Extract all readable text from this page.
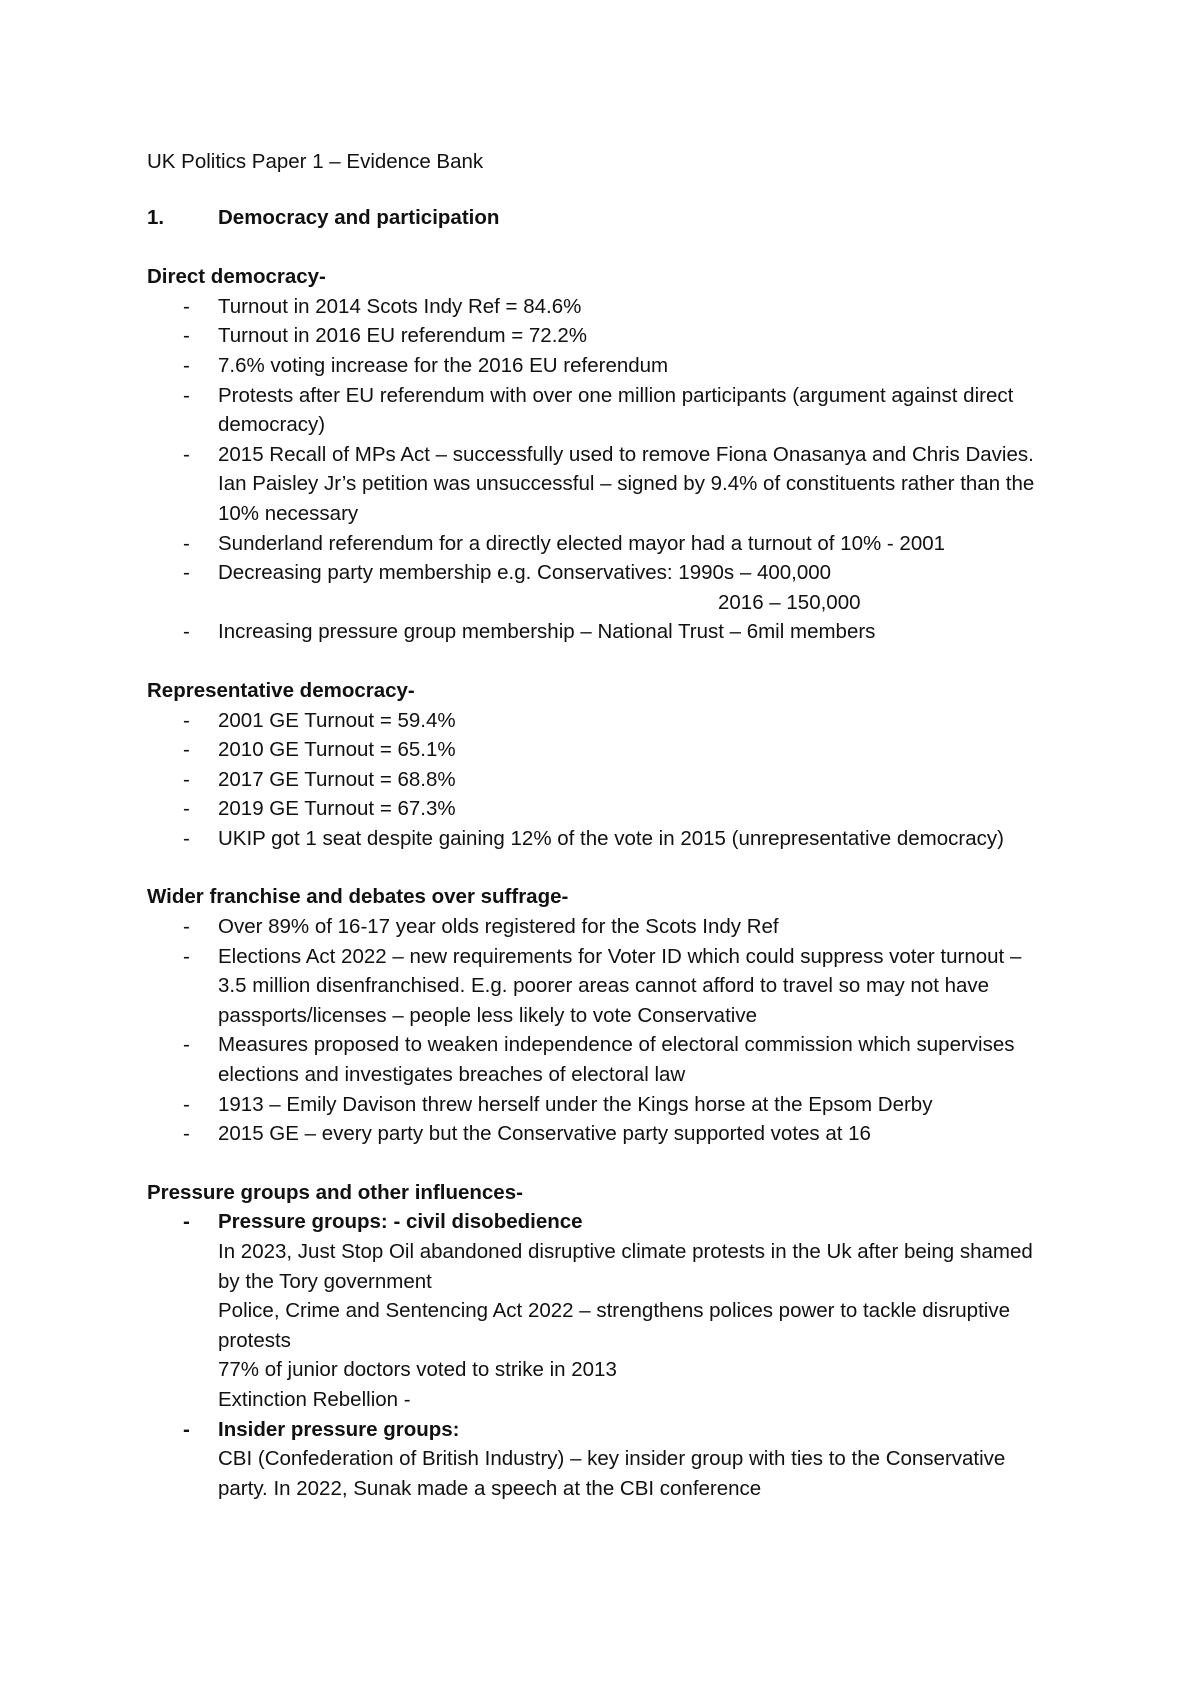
UK Politics Paper 1 – Evidence Bank

1.	Democracy and participation

Direct democracy-

-	Turnout in 2014 Scots Indy Ref = 84.6%
-	Turnout in 2016 EU referendum = 72.2%
-	7.6% voting increase for the 2016 EU referendum
-	Protests after EU referendum with over one million participants (argument against direct democracy)
-	2015 Recall of MPs Act – successfully used to remove Fiona Onasanya and Chris Davies. Ian Paisley Jr’s petition was unsuccessful – signed by 9.4% of constituents rather than the 10% necessary
-	Sunderland referendum for a directly elected mayor had a turnout of 10% - 2001
-	Decreasing party membership e.g. Conservatives: 1990s – 400,000
2016 – 150,000
-	Increasing pressure group membership – National Trust – 6mil members

Representative democracy-

-	2001 GE Turnout = 59.4%
-	2010 GE Turnout = 65.1%
-	2017 GE Turnout = 68.8%
-	2019 GE Turnout = 67.3%
-	UKIP got 1 seat despite gaining 12% of the vote in 2015 (unrepresentative democracy)

Wider franchise and debates over suffrage-

-	Over 89% of 16-17 year olds registered for the Scots Indy Ref
-	Elections Act 2022 – new requirements for Voter ID which could suppress voter turnout – 3.5 million disenfranchised. E.g. poorer areas cannot afford to travel so may not have passports/licenses – people less likely to vote Conservative
-	Measures proposed to weaken independence of electoral commission which supervises elections and investigates breaches of electoral law
-	1913 – Emily Davison threw herself under the Kings horse at the Epsom Derby
-	2015 GE – every party but the Conservative party supported votes at 16

Pressure groups and other influences-

-	Pressure groups: - civil disobedience
In 2023, Just Stop Oil abandoned disruptive climate protests in the Uk after being shamed by the Tory government
Police, Crime and Sentencing Act 2022 – strengthens polices power to tackle disruptive protests
77% of junior doctors voted to strike in 2013
Extinction Rebellion -
-	Insider pressure groups:
CBI (Confederation of British Industry) – key insider group with ties to the Conservative party. In 2022, Sunak made a speech at the CBI conference
